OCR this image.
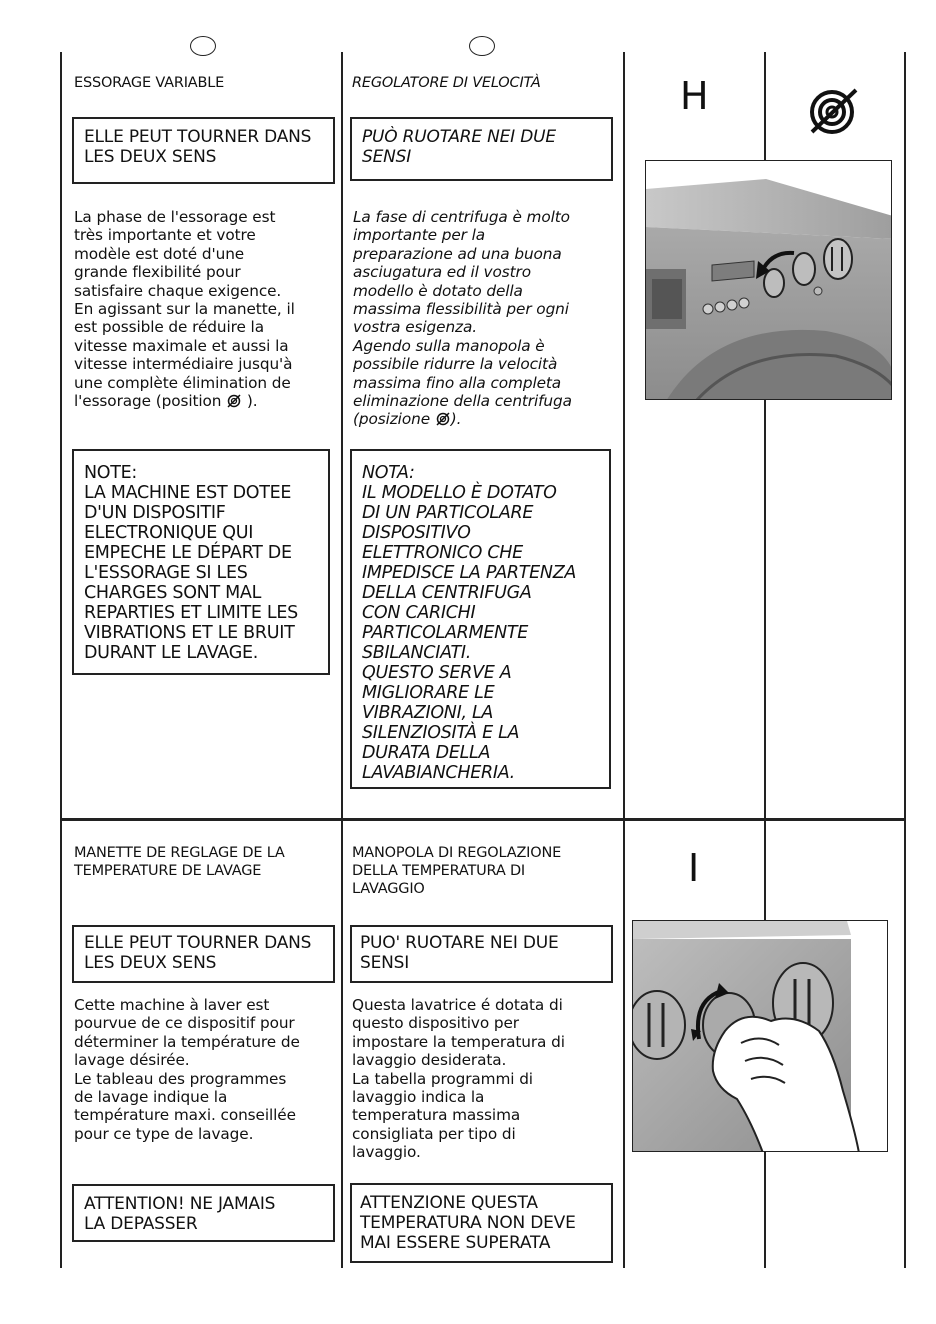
ESSORAGE VARIABLE	REGOLATORE DI VELOCITÀ	H
ELLE PEUT TOURNER DANS
LES DEUX SENS
PUÒ RUOTARE NEI DUE
SENSI
La phase de l'essorage est
très importante et votre
modèle est doté d'une
grande flexibilité pour
satisfaire chaque exigence.
En agissant sur la manette, il
est possible de réduire la
vitesse maximale et aussi la
vitesse intermédiaire jusqu'à
une complète élimination de
l'essorage (position  ).
La fase di centrifuga è molto
importante per la
preparazione ad una buona
asciugatura ed il vostro
modello è dotato della
massima flessibilità per ogni
vostra esigenza.
Agendo sulla manopola è
possibile ridurre la velocità
massima fino alla completa
eliminazione della centrifuga
(posizione ).
NOTE:
LA MACHINE EST DOTEE
D'UN DISPOSITIF
ELECTRONIQUE QUI
EMPECHE LE DÉPART DE
L'ESSORAGE SI LES
CHARGES SONT MAL
REPARTIES ET LIMITE LES
VIBRATIONS ET LE BRUIT
DURANT LE LAVAGE.
NOTA:
IL MODELLO È DOTATO
DI UN PARTICOLARE
DISPOSITIVO
ELETTRONICO CHE
IMPEDISCE LA PARTENZA
DELLA CENTRIFUGA
CON CARICHI
PARTICOLARMENTE
SBILANCIATI.
QUESTO SERVE A
MIGLIORARE LE
VIBRAZIONI, LA
SILENZIOSITÀ E LA
DURATA DELLA
LAVABIANCHERIA.
MANETTE DE REGLAGE DE LA
TEMPERATURE DE LAVAGE
MANOPOLA DI REGOLAZIONE
DELLA TEMPERATURA DI
LAVAGGIO	I
ELLE PEUT TOURNER DANS
LES DEUX SENS
PUO' RUOTARE NEI DUE
SENSI
Cette machine à laver est
pourvue de ce dispositif pour
déterminer la température de
lavage désirée.
Le tableau des programmes
de lavage indique la
température maxi. conseillée
pour ce type de lavage.
Questa lavatrice é dotata di
questo dispositivo per
impostare la temperatura di
lavaggio desiderata.
La tabella programmi di
lavaggio indica la
temperatura massima
consigliata per tipo di
lavaggio.
ATTENTION! NE JAMAIS
LA DEPASSER
ATTENZIONE QUESTA
TEMPERATURA NON DEVE
MAI ESSERE SUPERATA
